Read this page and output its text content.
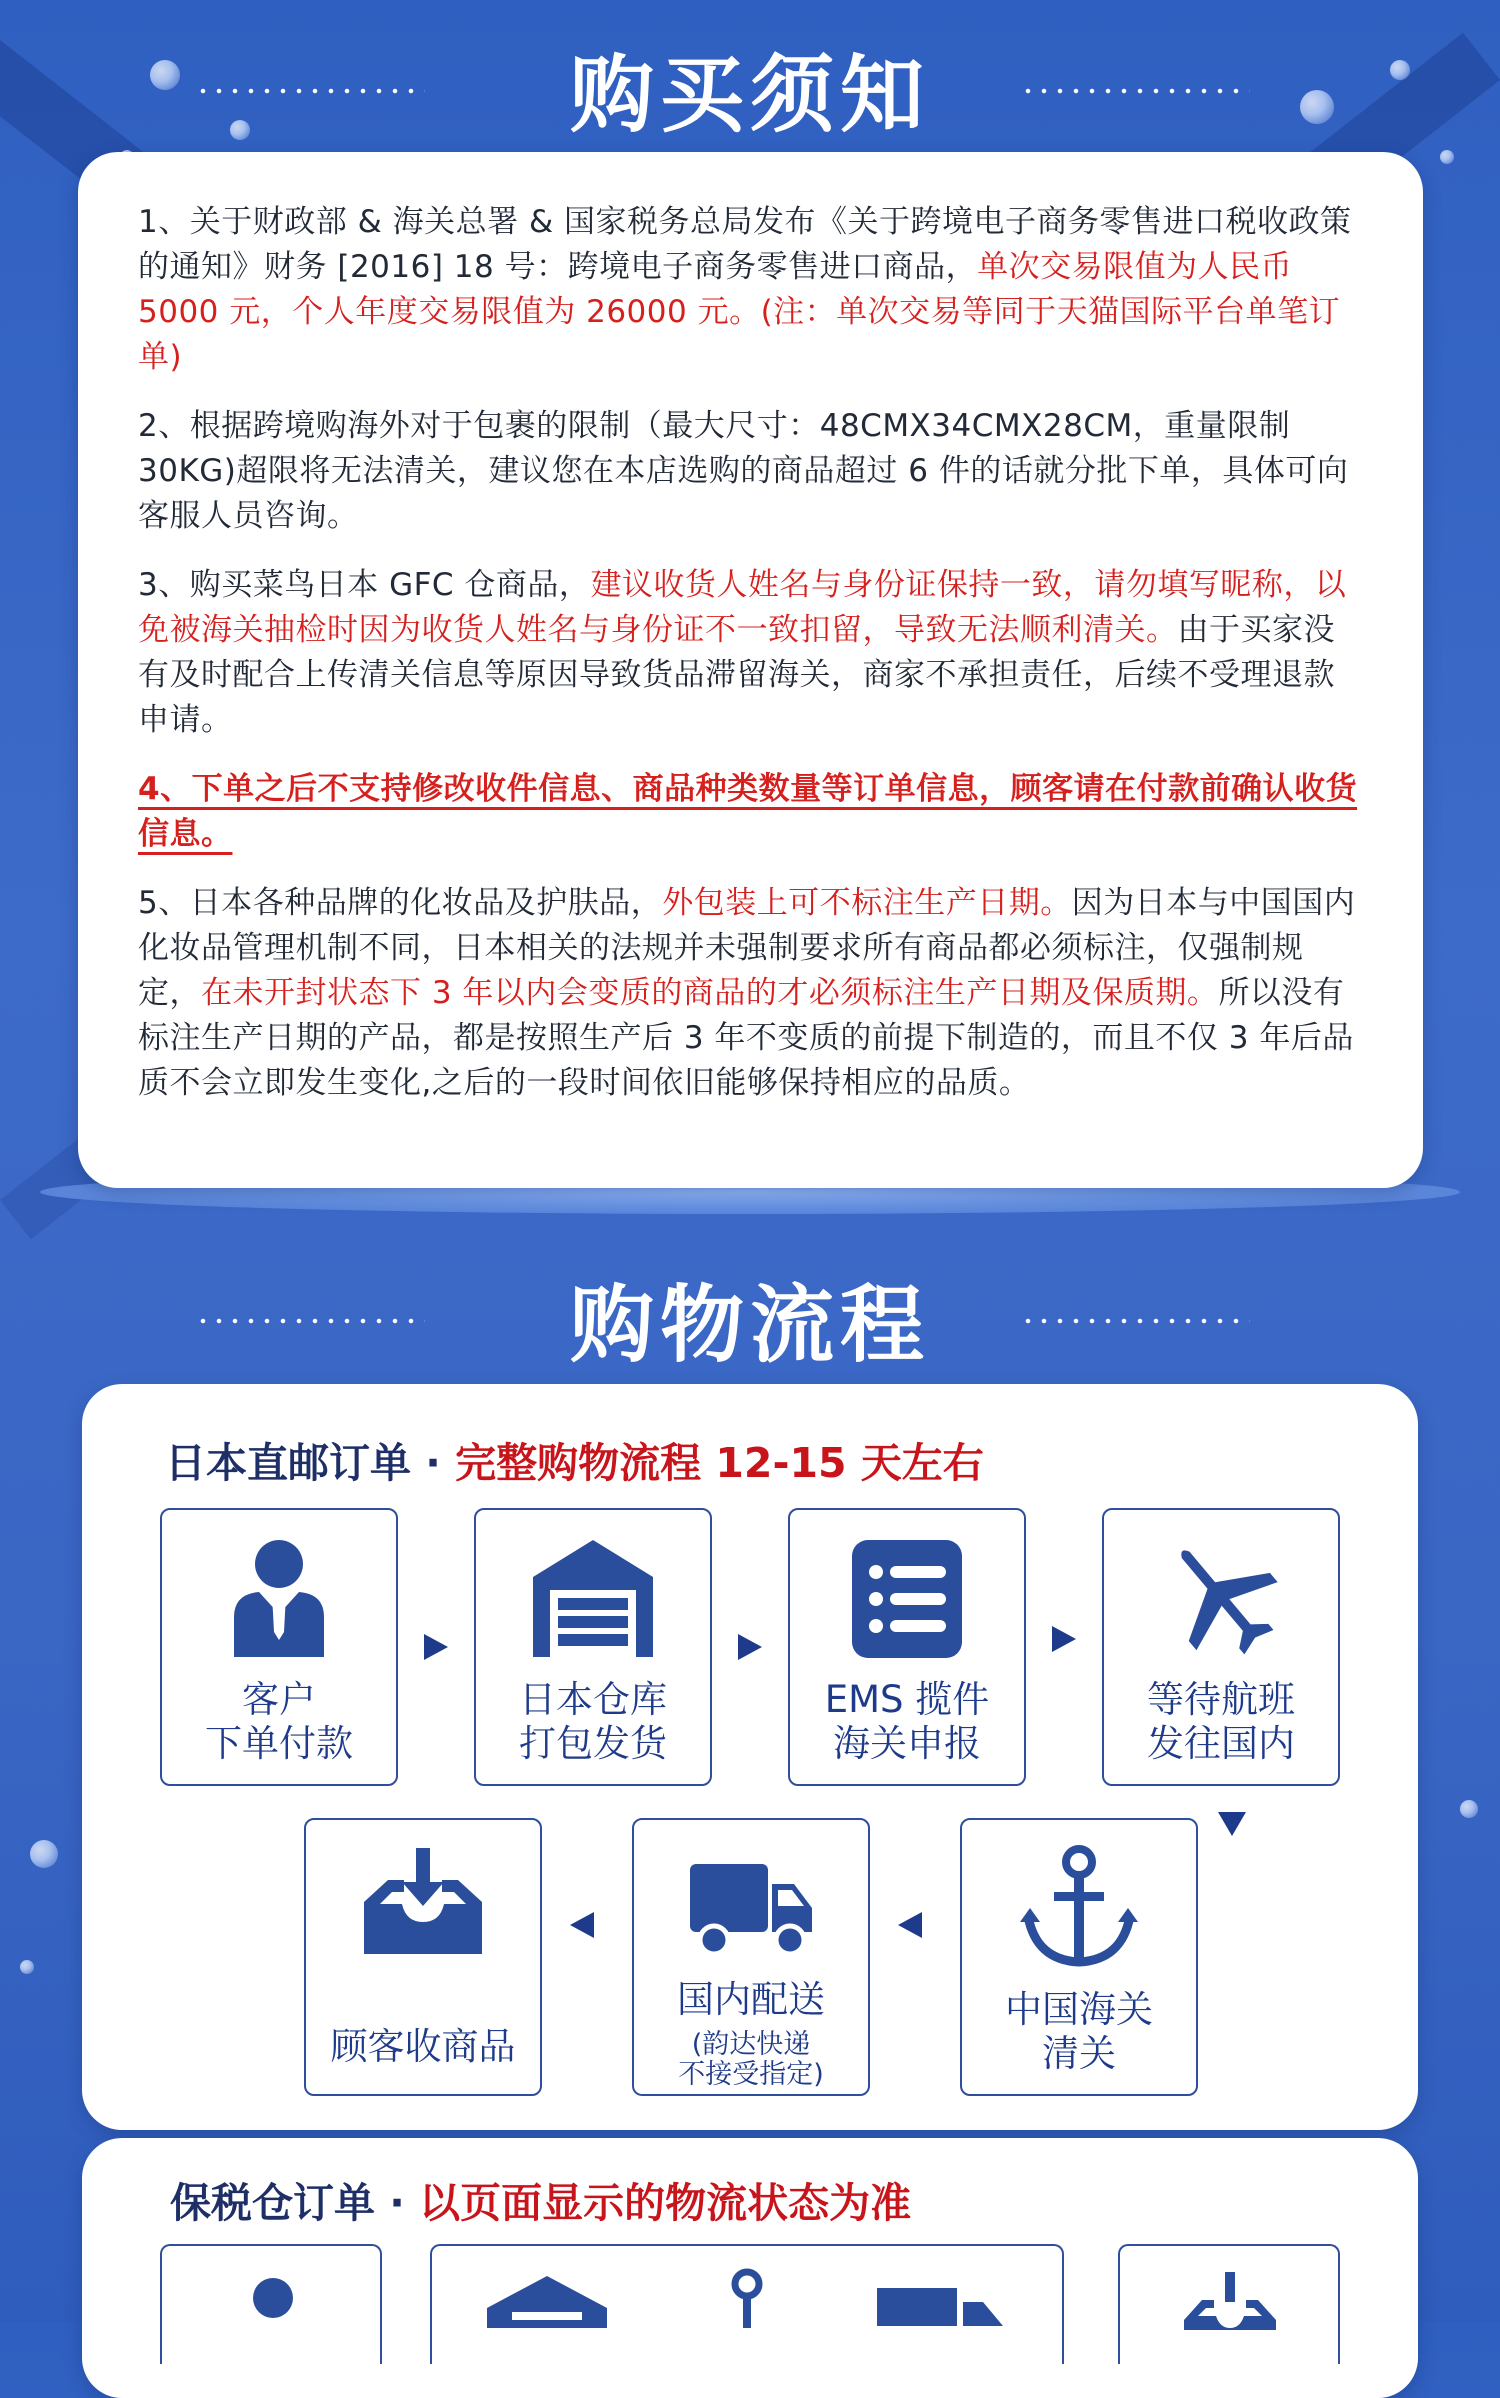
购买须知

1、关于财政部 & 海关总署 & 国家税务总局发布《关于跨境电子商务零售进口税收政策的通知》财务 [2016] 18 号：跨境电子商务零售进口商品，单次交易限值为人民币 5000 元，个人年度交易限值为 26000 元。(注：单次交易等同于天猫国际平台单笔订单)

2、根据跨境购海外对于包裹的限制（最大尺寸：48CMX34CMX28CM，重量限制 30KG)超限将无法清关，建议您在本店选购的商品超过 6 件的话就分批下单，具体可向客服人员咨询。

3、购买菜鸟日本 GFC 仓商品，建议收货人姓名与身份证保持一致，请勿填写昵称，以免被海关抽检时因为收货人姓名与身份证不一致扣留，导致无法顺利清关。由于买家没有及时配合上传清关信息等原因导致货品滞留海关，商家不承担责任，后续不受理退款申请。

4、下单之后不支持修改收件信息、商品种类数量等订单信息，顾客请在付款前确认收货信息。

5、日本各种品牌的化妆品及护肤品，外包装上可不标注生产日期。因为日本与中国国内化妆品管理机制不同，日本相关的法规并未强制要求所有商品都必须标注，仅强制规定，在未开封状态下 3 年以内会变质的商品的才必须标注生产日期及保质期。所以没有标注生产日期的产品，都是按照生产后 3 年不变质的前提下制造的，而且不仅 3 年后品质不会立即发生变化,之后的一段时间依旧能够保持相应的品质。

购物流程
日本直邮订单 · 完整购物流程 12-15 天左右
客户
下单付款
日本仓库
打包发货
EMS 揽件
海关申报
等待航班
发往国内
中国海关
清关
国内配送
(韵达快递
不接受指定)
顾客收商品
保税仓订单 · 以页面显示的物流状态为准
